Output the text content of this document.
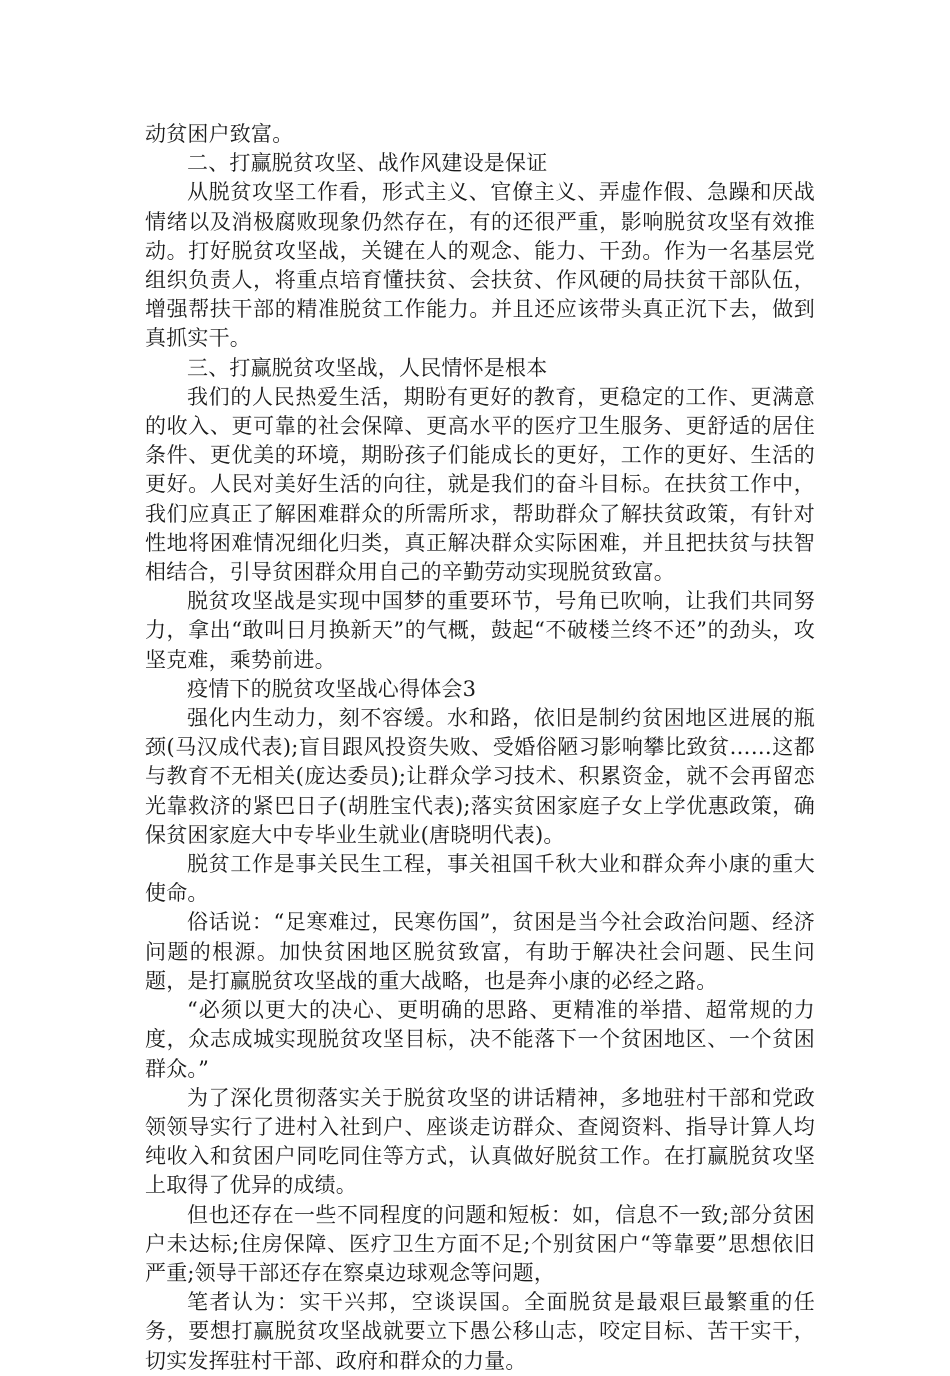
动贫困户致富。

二、打赢脱贫攻坚、战作风建设是保证

从脱贫攻坚工作看，形式主义、官僚主义、弄虚作假、急躁和厌战情绪以及消极腐败现象仍然存在，有的还很严重，影响脱贫攻坚有效推动。打好脱贫攻坚战，关键在人的观念、能力、干劲。作为一名基层党组织负责人，将重点培育懂扶贫、会扶贫、作风硬的局扶贫干部队伍，增强帮扶干部的精准脱贫工作能力。并且还应该带头真正沉下去，做到真抓实干。

三、打赢脱贫攻坚战，人民情怀是根本

我们的人民热爱生活，期盼有更好的教育，更稳定的工作、更满意的收入、更可靠的社会保障、更高水平的医疗卫生服务、更舒适的居住条件、更优美的环境，期盼孩子们能成长的更好，工作的更好、生活的更好。人民对美好生活的向往，就是我们的奋斗目标。在扶贫工作中，我们应真正了解困难群众的所需所求，帮助群众了解扶贫政策，有针对性地将困难情况细化归类，真正解决群众实际困难，并且把扶贫与扶智相结合，引导贫困群众用自己的辛勤劳动实现脱贫致富。

脱贫攻坚战是实现中国梦的重要环节，号角已吹响，让我们共同努力，拿出“敢叫日月换新天”的气概，鼓起“不破楼兰终不还”的劲头，攻坚克难，乘势前进。

疫情下的脱贫攻坚战心得体会3

强化内生动力，刻不容缓。水和路，依旧是制约贫困地区进展的瓶颈(马汉成代表);盲目跟风投资失败、受婚俗陋习影响攀比致贫……这都与教育不无相关(庞达委员);让群众学习技术、积累资金，就不会再留恋光靠救济的紧巴日子(胡胜宝代表);落实贫困家庭子女上学优惠政策，确保贫困家庭大中专毕业生就业(唐晓明代表)。

脱贫工作是事关民生工程，事关祖国千秋大业和群众奔小康的重大使命。

俗话说：“足寒难过，民寒伤国”，贫困是当今社会政治问题、经济问题的根源。加快贫困地区脱贫致富，有助于解决社会问题、民生问题，是打赢脱贫攻坚战的重大战略，也是奔小康的必经之路。

“必须以更大的决心、更明确的思路、更精准的举措、超常规的力度，众志成城实现脱贫攻坚目标，决不能落下一个贫困地区、一个贫困群众。”

为了深化贯彻落实关于脱贫攻坚的讲话精神，多地驻村干部和党政领领导实行了进村入社到户、座谈走访群众、查阅资料、指导计算人均纯收入和贫困户同吃同住等方式，认真做好脱贫工作。在打赢脱贫攻坚上取得了优异的成绩。

但也还存在一些不同程度的问题和短板：如，信息不一致;部分贫困户未达标;住房保障、医疗卫生方面不足;个别贫困户“等靠要”思想依旧严重;领导干部还存在察桌边球观念等问题，

笔者认为：实干兴邦，空谈误国。全面脱贫是最艰巨最繁重的任务，要想打赢脱贫攻坚战就要立下愚公移山志，咬定目标、苦干实干，切实发挥驻村干部、政府和群众的力量。
